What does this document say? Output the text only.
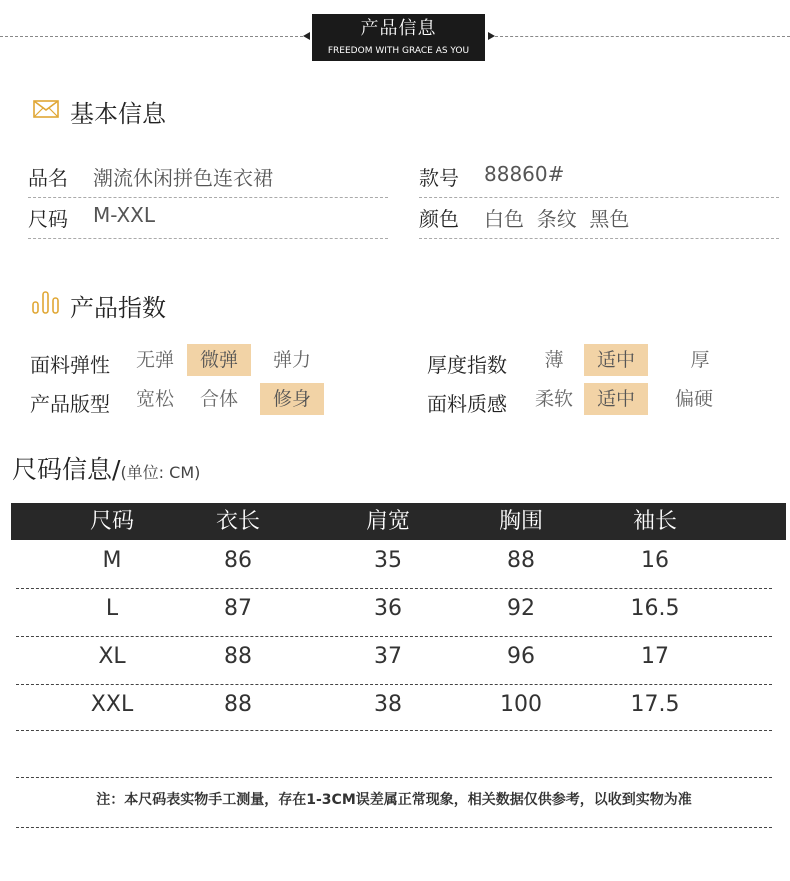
产品信息
FREEDOM WITH GRACE AS YOU
基本信息
品名 潮流休闲拼色连衣裙	款号 88860#
尺码 M-XXL	颜色 白色  条纹  黑色
产品指数
面料弹性	无弹	微弹	弹力	厚度指数	薄	适中	厚
产品版型	宽松	合体	修身	面料质感	柔软	适中	偏硬
尺码信息/(单位: CM)
尺码	衣长	肩宽	胸围	袖长
M	86	35	88	16
L	87	36	92	16.5
XL	88	37	96	17
XXL	88	38	100	17.5
注：本尺码表实物手工测量，存在1-3CM误差属正常现象，相关数据仅供参考，以收到实物为准
